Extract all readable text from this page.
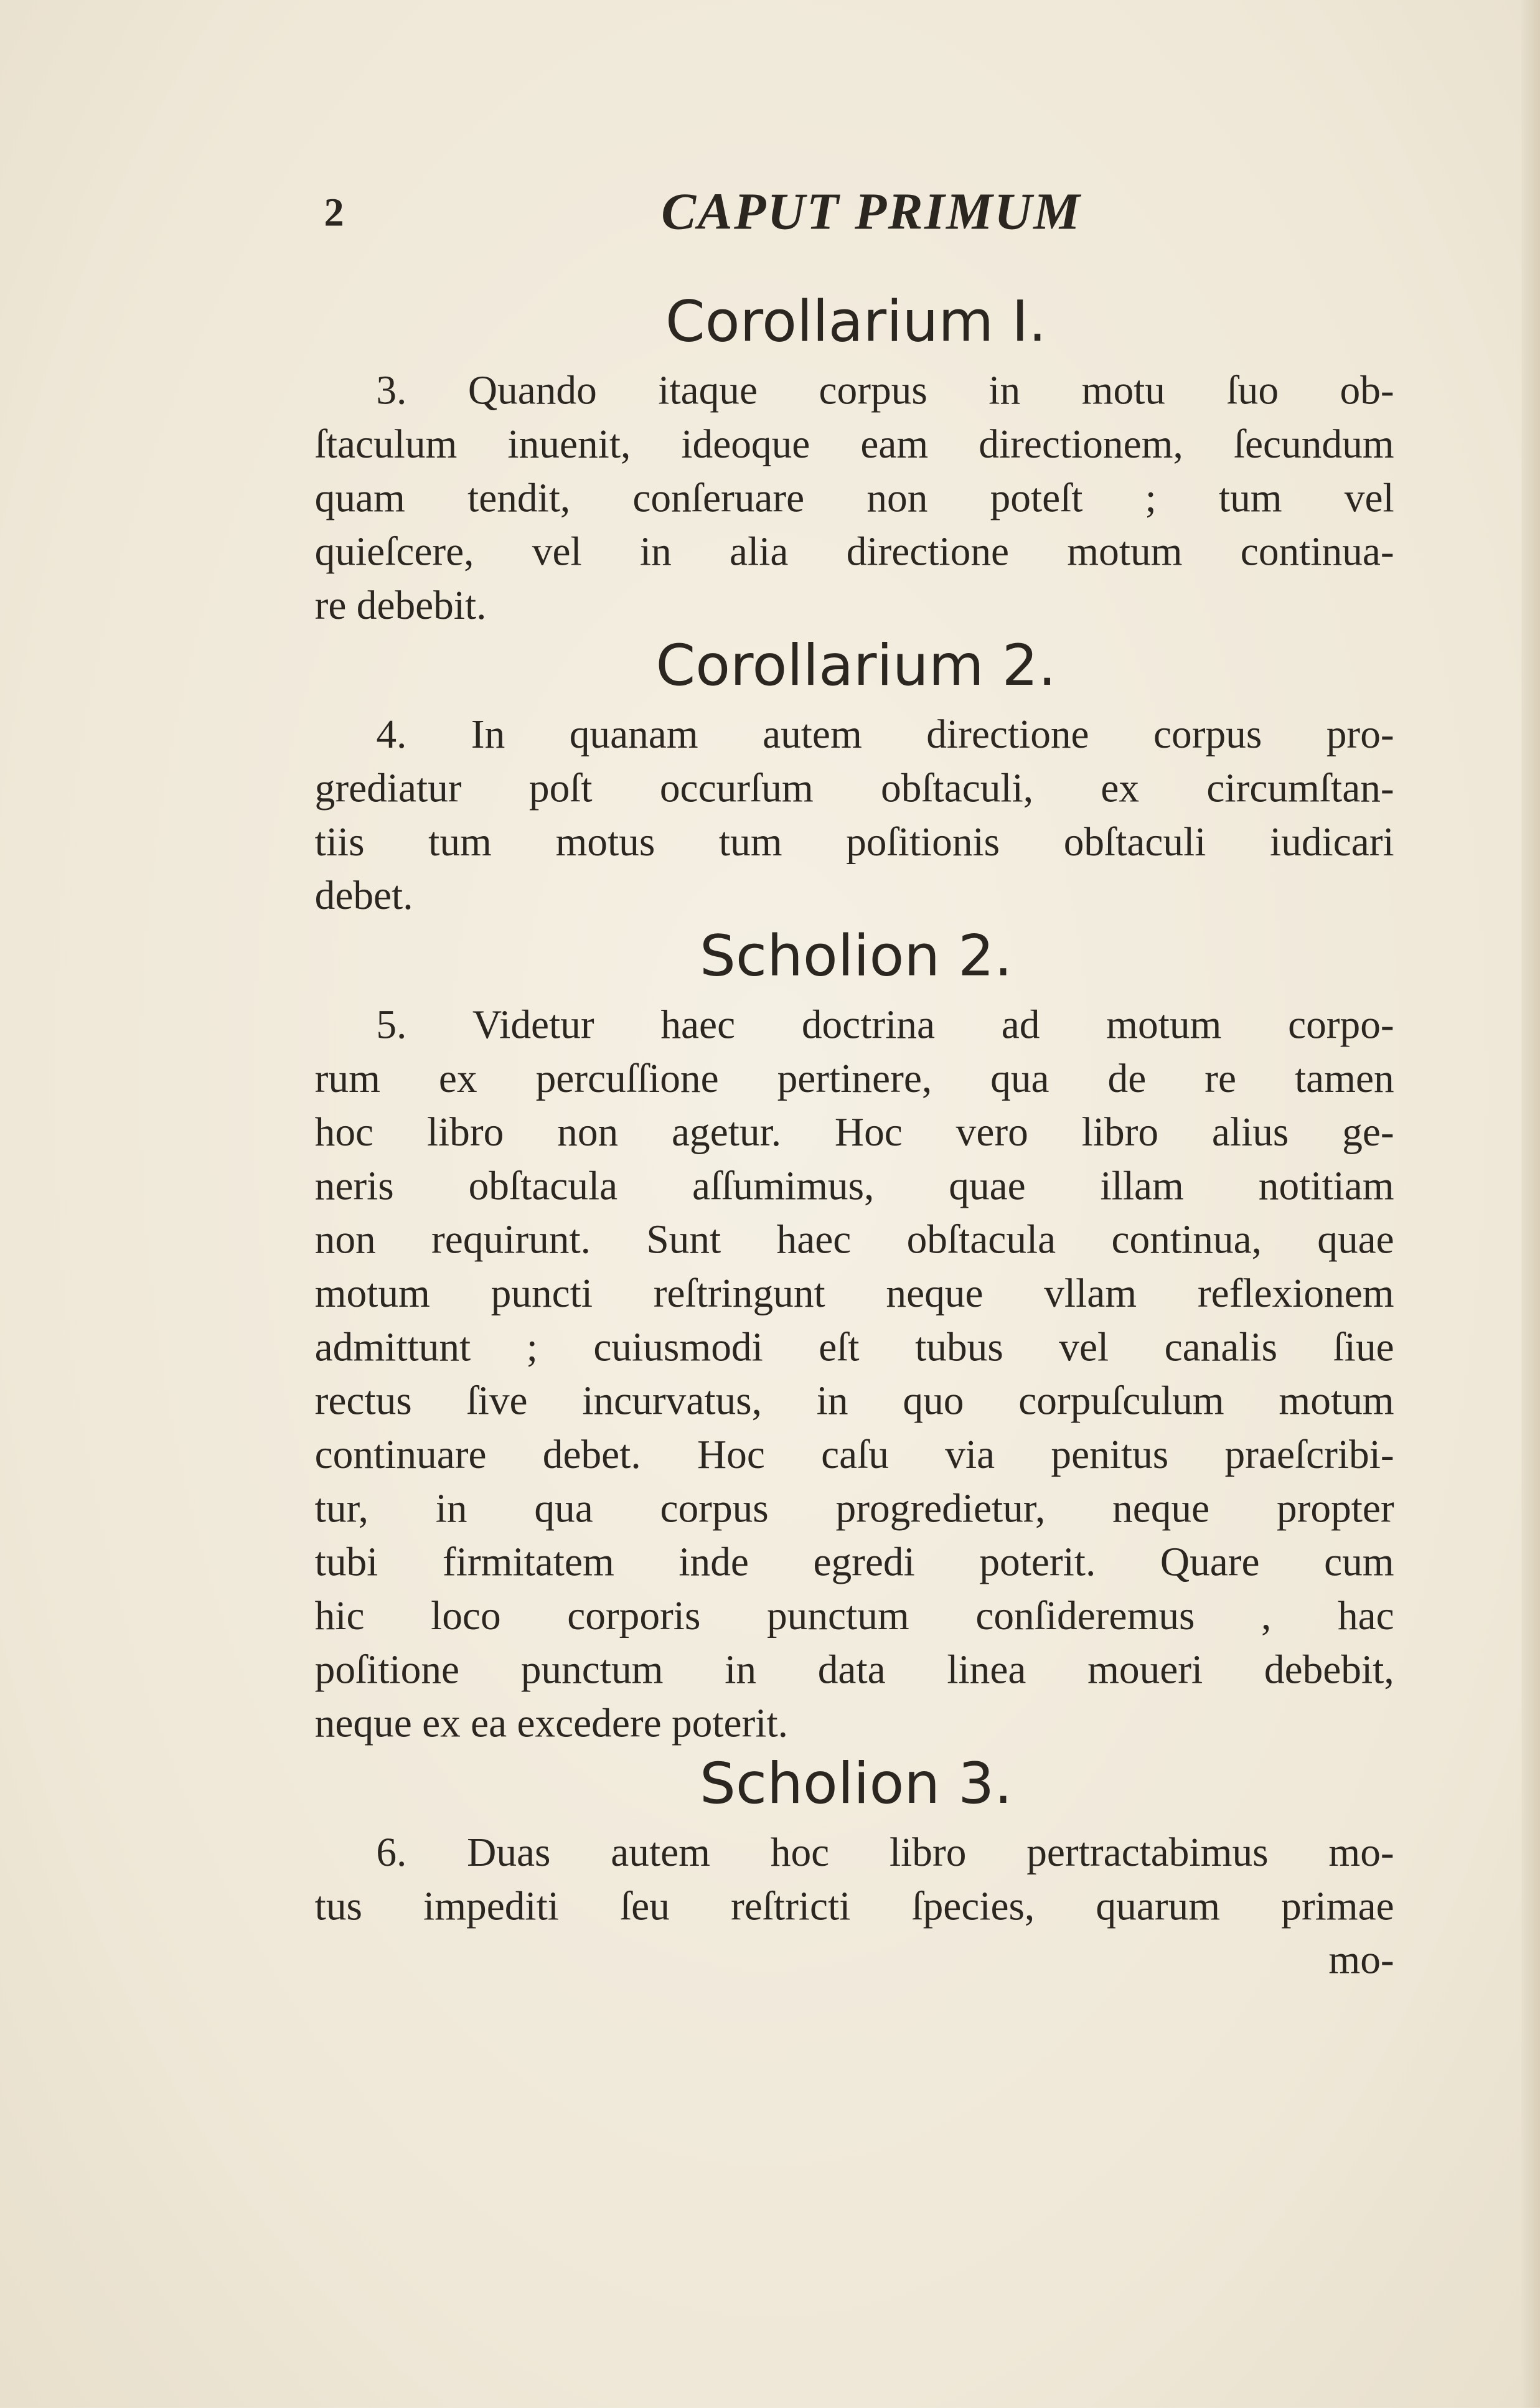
2	CAPUT PRIMUM
Corollarium I.
3. Quando itaque corpus in motu ſuo ob-
ſtaculum inuenit, ideoque eam directionem, ſecundum
quam tendit, conſeruare non poteſt ; tum vel
quieſcere, vel in alia directione motum continua-
re debebit.
Corollarium 2.
4. In quanam autem directione corpus pro-
grediatur poſt occurſum obſtaculi, ex circumſtan-
tiis tum motus tum poſitionis obſtaculi iudicari
debet.
Scholion 2.
5. Videtur haec doctrina ad motum corpo-
rum ex percuſſione pertinere, qua de re tamen
hoc libro non agetur. Hoc vero libro alius ge-
neris obſtacula aſſumimus, quae illam notitiam
non requirunt. Sunt haec obſtacula continua, quae
motum puncti reſtringunt neque vllam reflexionem
admittunt ; cuiusmodi eſt tubus vel canalis ſiue
rectus ſive incurvatus, in quo corpuſculum motum
continuare debet. Hoc caſu via penitus praeſcribi-
tur, in qua corpus progredietur, neque propter
tubi firmitatem inde egredi poterit. Quare cum
hic loco corporis punctum conſideremus , hac
poſitione punctum in data linea moueri debebit,
neque ex ea excedere poterit.
Scholion 3.
6. Duas autem hoc libro pertractabimus mo-
tus impediti ſeu reſtricti ſpecies, quarum primae
mo-
